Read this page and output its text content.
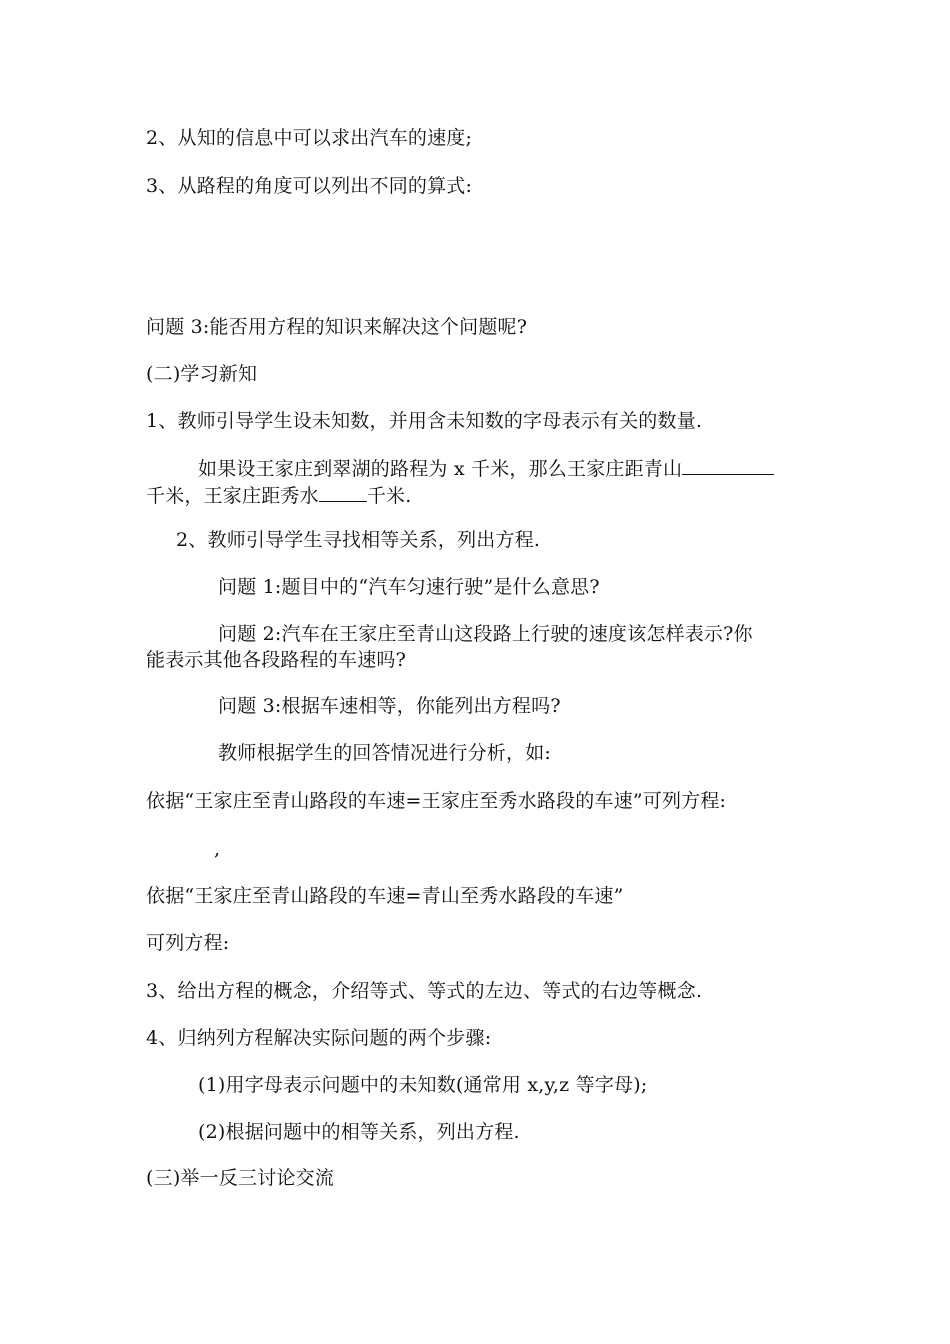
2、从知的信息中可以求出汽车的速度;
3、从路程的角度可以列出不同的算式:
问题 3:能否用方程的知识来解决这个问题呢?
(二)学习新知
1、教师引导学生设未知数，并用含未知数的字母表示有关的数量.
如果设王家庄到翠湖的路程为 x 千米，那么王家庄距青山
千米，王家庄距秀水	千米.
2、教师引导学生寻找相等关系，列出方程.
问题 1:题目中的“汽车匀速行驶”是什么意思?
问题 2:汽车在王家庄至青山这段路上行驶的速度该怎样表示?你
能表示其他各段路程的车速吗?
问题 3:根据车速相等，你能列出方程吗?
教师根据学生的回答情况进行分析，如:
依据“王家庄至青山路段的车速=王家庄至秀水路段的车速”可列方程:
,
依据“王家庄至青山路段的车速=青山至秀水路段的车速”
可列方程:
3、给出方程的概念，介绍等式、等式的左边、等式的右边等概念.
4、归纳列方程解决实际问题的两个步骤:
(1)用字母表示问题中的未知数(通常用 x,y,z 等字母);
(2)根据问题中的相等关系，列出方程.
(三)举一反三讨论交流
